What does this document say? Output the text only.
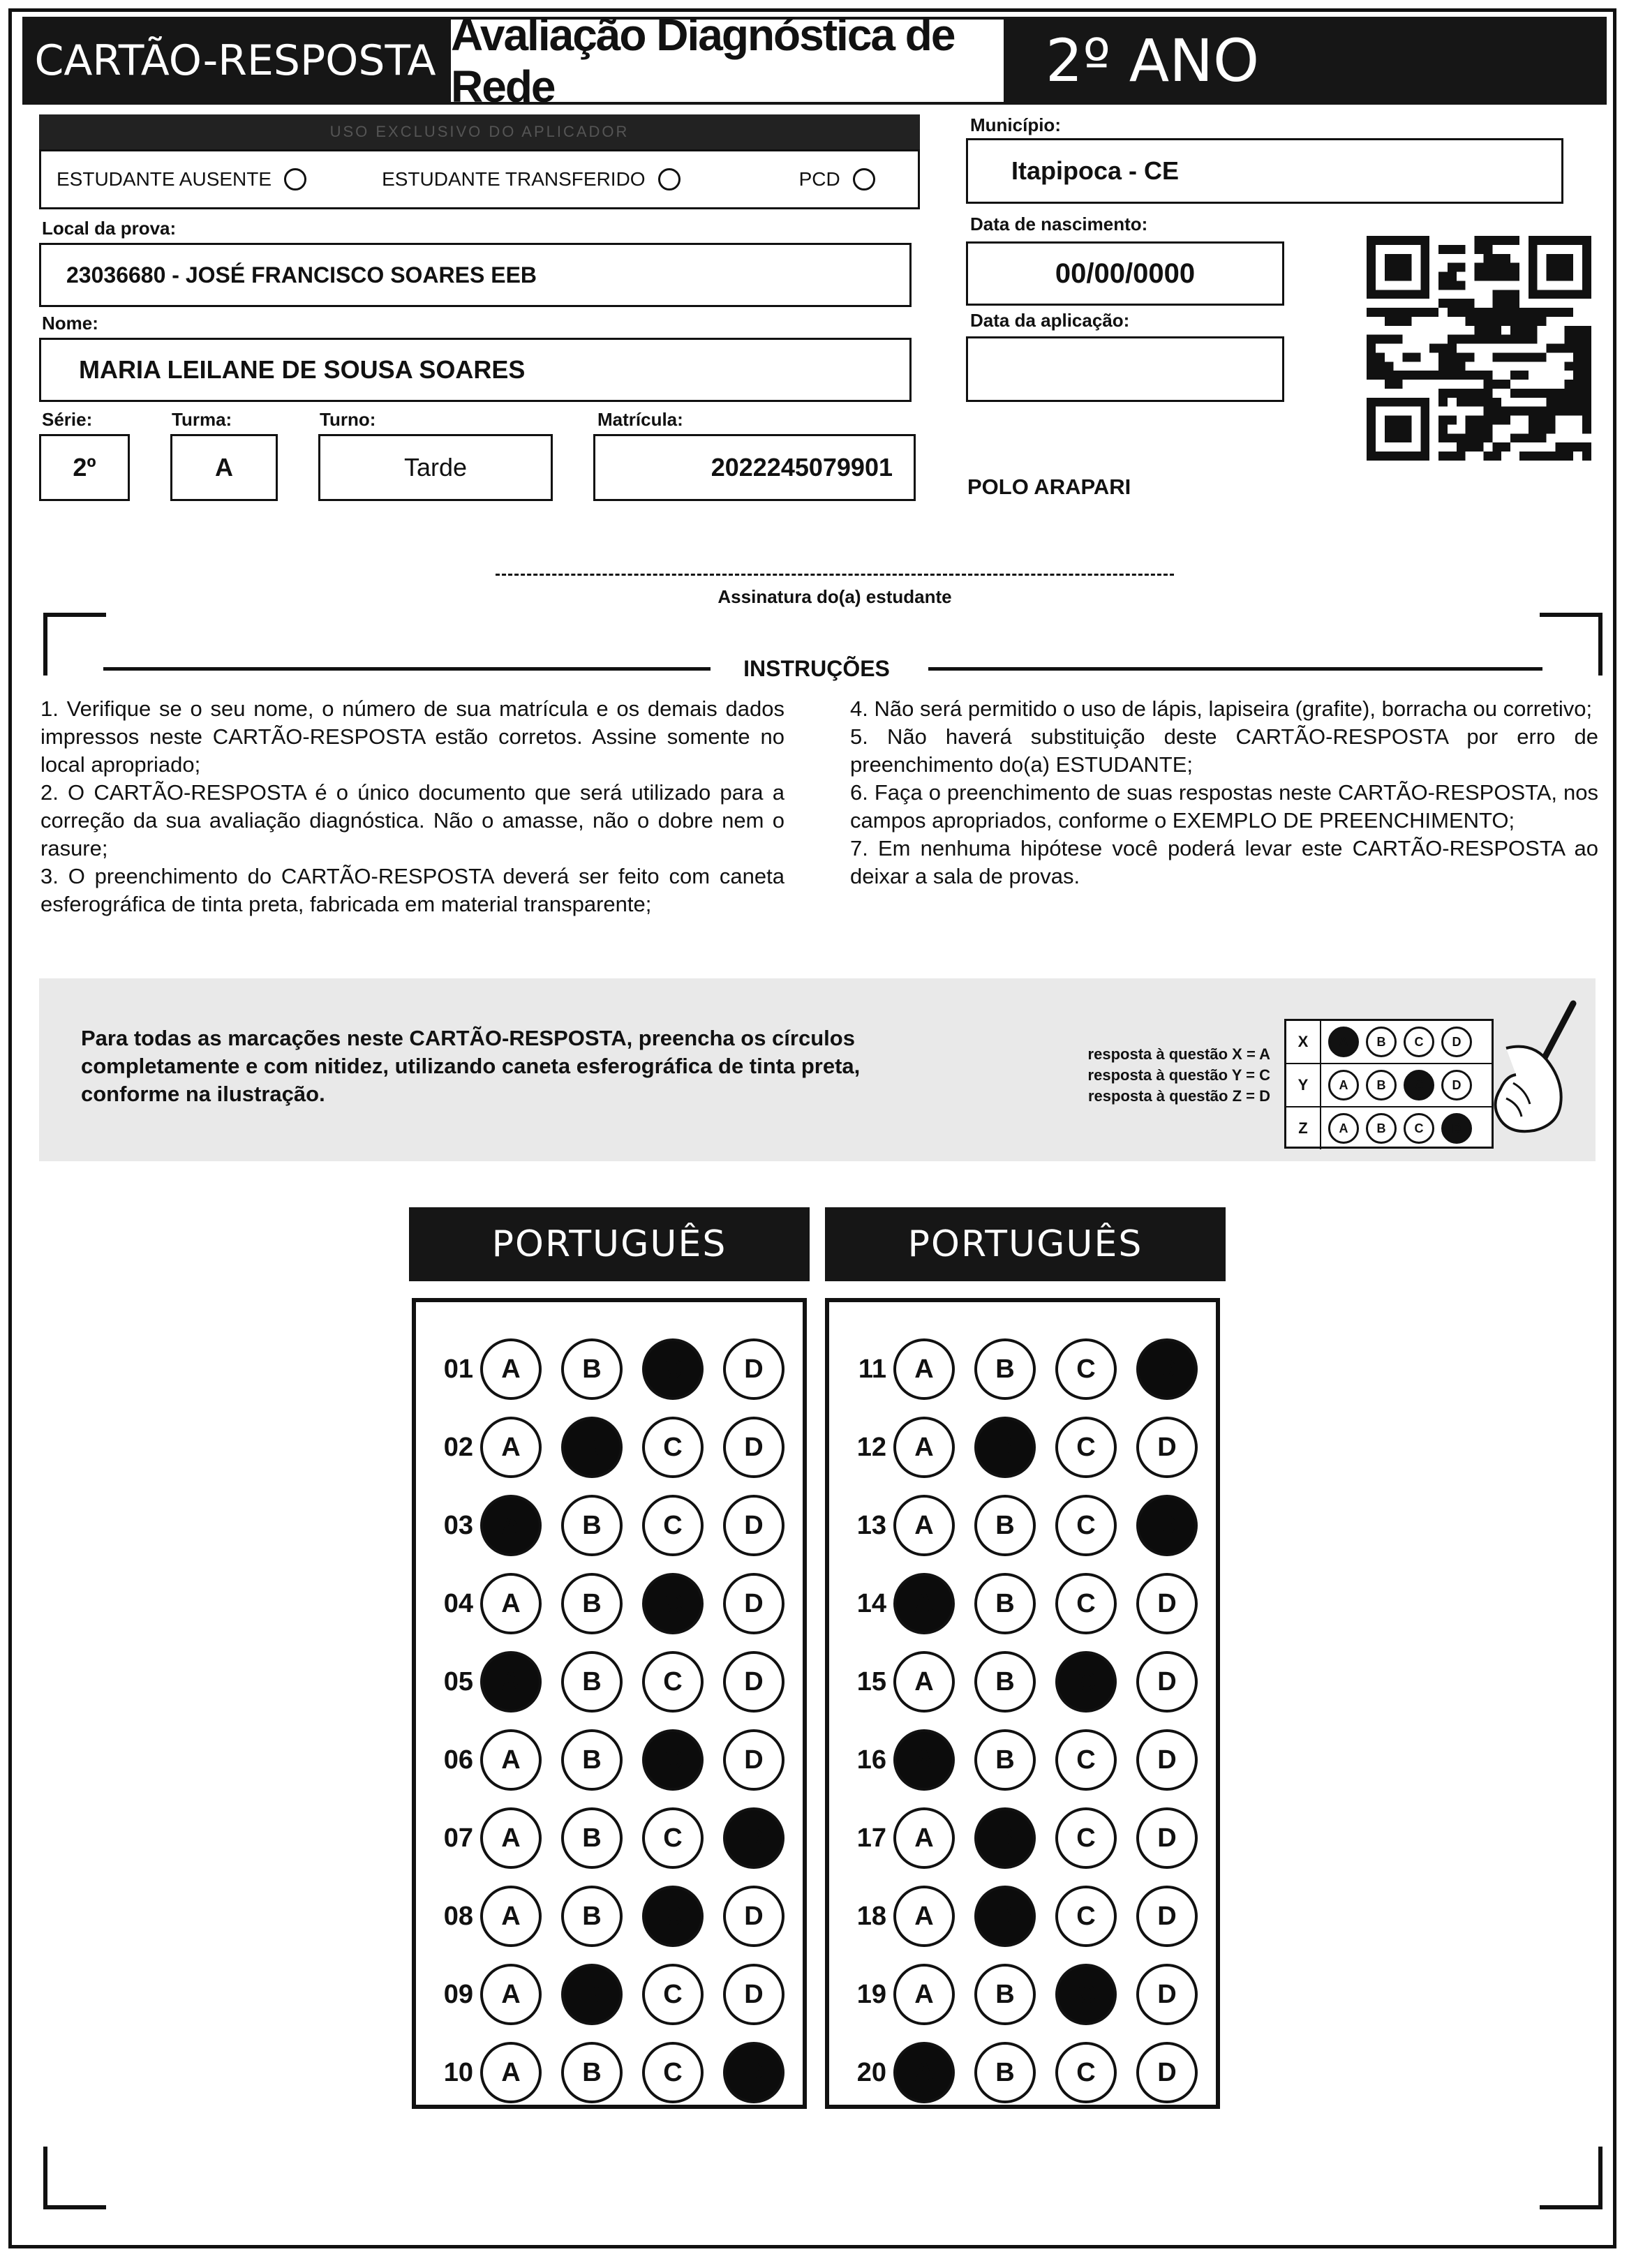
CARTÃO-RESPOSTA
Avaliação Diagnóstica de Rede	2º ANO
USO EXCLUSIVO DO APLICADOR
ESTUDANTE AUSENTE	ESTUDANTE TRANSFERIDO	PCD
Local da prova:
23036680 - JOSÉ FRANCISCO SOARES EEB
Nome:
MARIA LEILANE DE SOUSA SOARES
Série:
2º
Turma:
A
Turno:
Tarde
Matrícula:
2022245079901
Município:
Itapipoca - CE
Data de nascimento:
00/00/0000
Data da aplicação:
POLO ARAPARI
Assinatura do(a) estudante
INSTRUÇÕES

1. Verifique se o seu nome, o número de sua matrícula e os demais dados impressos neste CARTÃO-RESPOSTA estão corretos. Assine somente no local apropriado;

2. O CARTÃO-RESPOSTA é o único documento que será utilizado para a correção da sua avaliação diagnóstica. Não o amasse, não o dobre nem o rasure;

3. O preenchimento do CARTÃO-RESPOSTA deverá ser feito com caneta esferográfica de tinta preta, fabricada em material transparente;

4. Não será permitido o uso de lápis, lapiseira (grafite), borracha ou corretivo;

5. Não haverá substituição deste CARTÃO-RESPOSTA por erro de preenchimento do(a) ESTUDANTE;

6. Faça o preenchimento de suas respostas neste CARTÃO-RESPOSTA, nos campos apropriados, conforme o EXEMPLO DE PREENCHIMENTO;

7. Em nenhuma hipótese você poderá levar este CARTÃO-RESPOSTA ao deixar a sala de provas.

Para todas as marcações neste CARTÃO-RESPOSTA, preencha os círculos completamente e com nitidez, utilizando caneta esferográfica de tinta preta, conforme na ilustração.
resposta à questão X = A
resposta à questão Y = C
resposta à questão Z = D
X	A	B	C	D
Y	A	B	C	D
Z	A	B	C	D
PORTUGUÊS	PORTUGUÊS
01	A	B	C	D
02	A	B	C	D
03	A	B	C	D
04	A	B	C	D
05	A	B	C	D
06	A	B	C	D
07	A	B	C	D
08	A	B	C	D
09	A	B	C	D
10	A	B	C	D
11	A	B	C	D
12	A	B	C	D
13	A	B	C	D
14	A	B	C	D
15	A	B	C	D
16	A	B	C	D
17	A	B	C	D
18	A	B	C	D
19	A	B	C	D
20	A	B	C	D
